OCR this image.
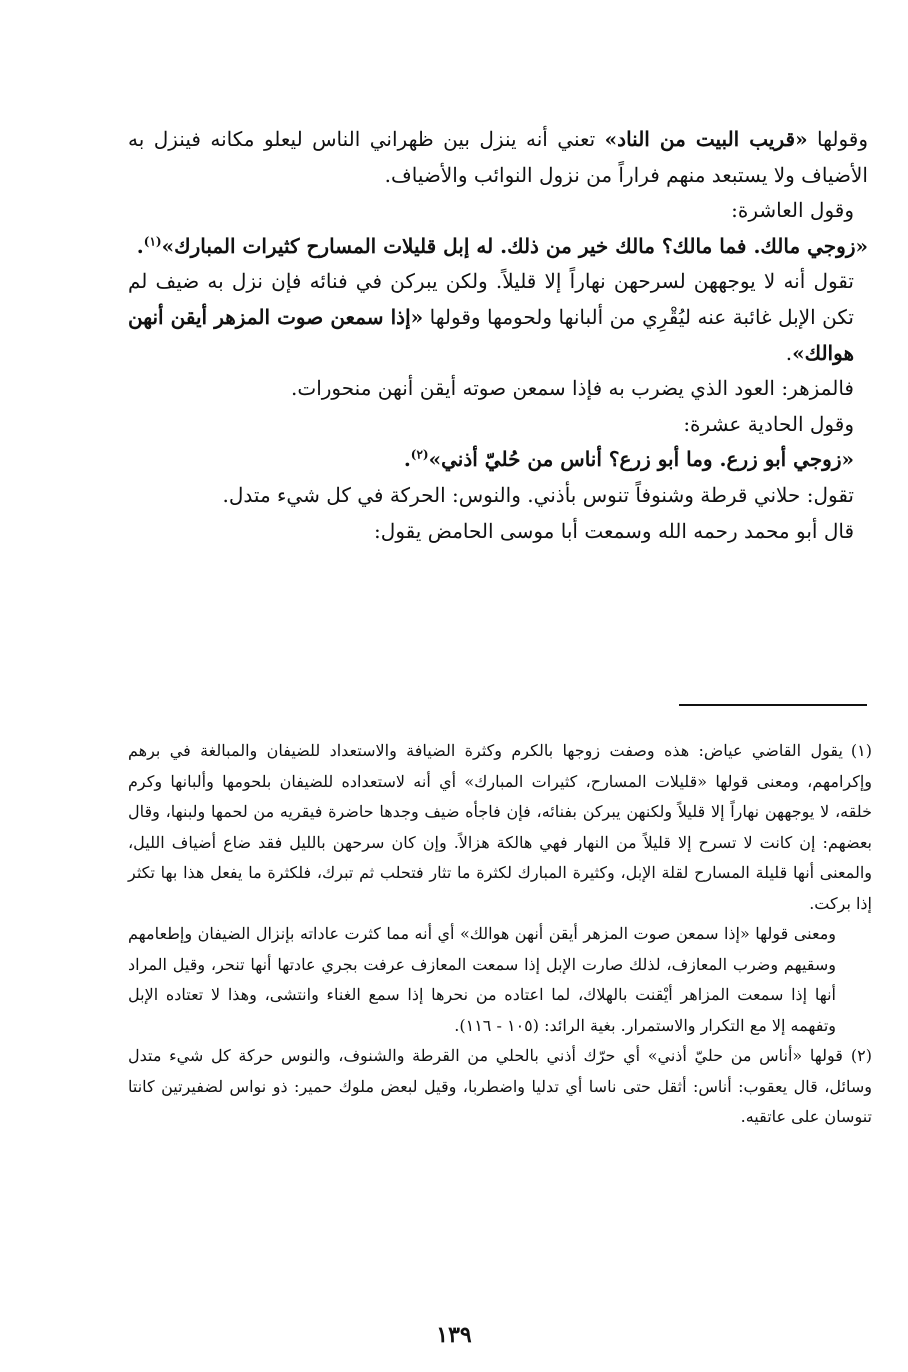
وقولها «قريب البيت من الناد» تعني أنه ينزل بين ظهراني الناس ليعلو مكانه فينزل به الأضياف ولا يستبعد منهم فراراً من نزول النوائب والأضياف.

وقول العاشرة:

«زوجي مالك. فما مالك؟ مالك خير من ذلك. له إبل قليلات المسارح كثيرات المبارك»$^{(١)}$.

تقول أنه لا يوجههن لسرحهن نهاراً إلا قليلاً. ولكن يبركن في فنائه فإن نزل به ضيف لم تكن الإبل غائبة عنه ليُقْرِي من ألبانها ولحومها وقولها «إذا سمعن صوت المزهر أيقن أنهن هوالك».

فالمزهر: العود الذي يضرب به فإذا سمعن صوته أيقن أنهن منحورات.

وقول الحادية عشرة:

«زوجي أبو زرع. وما أبو زرع؟ أناس من حُليّ أذني»$^{(٢)}$.

تقول: حلاني قرطة وشنوفاً تنوس بأذني. والنوس: الحركة في كل شيء متدل.

قال أبو محمد رحمه الله وسمعت أبا موسى الحامض يقول:

(١)يقول القاضي عياض: هذه وصفت زوجها بالكرم وكثرة الضيافة والاستعداد للضيفان والمبالغة في برهم وإكرامهم، ومعنى قولها «قليلات المسارح، كثيرات المبارك» أي أنه لاستعداده للضيفان بلحومها وألبانها وكرم خلقه، لا يوجههن نهاراً إلا قليلاً ولكنهن يبركن بفنائه، فإن فاجأه ضيف وجدها حاضرة فيقريه من لحمها ولبنها، وقال بعضهم: إن كانت لا تسرح إلا قليلاً من النهار فهي هالكة هزالاً. وإن كان سرحهن بالليل فقد ضاع أضياف الليل، والمعنى أنها قليلة المسارح لقلة الإبل، وكثيرة المبارك لكثرة ما تثار فتحلب ثم تبرك، فلكثرة ما يفعل هذا بها تكثر إذا بركت.

ومعنى قولها «إذا سمعن صوت المزهر أيقن أنهن هوالك» أي أنه مما كثرت عاداته بإنزال الضيفان وإطعامهم وسقيهم وضرب المعازف، لذلك صارت الإبل إذا سمعت المعازف عرفت بجري عادتها أنها تنحر، وقيل المراد أنها إذا سمعت المزاهر أيْقنت بالهلاك، لما اعتاده من نحرها إذا سمع الغناء وانتشى، وهذا لا تعتاده الإبل وتفهمه إلا مع التكرار والاستمرار. بغية الرائد: (١٠٥ - ١١٦).

(٢)قولها «أناس من حليّ أذني» أي حرّك أذني بالحلي من القرطة والشنوف، والنوس حركة كل شيء متدل وسائل، قال يعقوب: أناس: أثقل حتى ناسا أي تدليا واضطربا، وقيل لبعض ملوك حمير: ذو نواس لضفيرتين كانتا تنوسان على عاتقيه.

١٣٩
